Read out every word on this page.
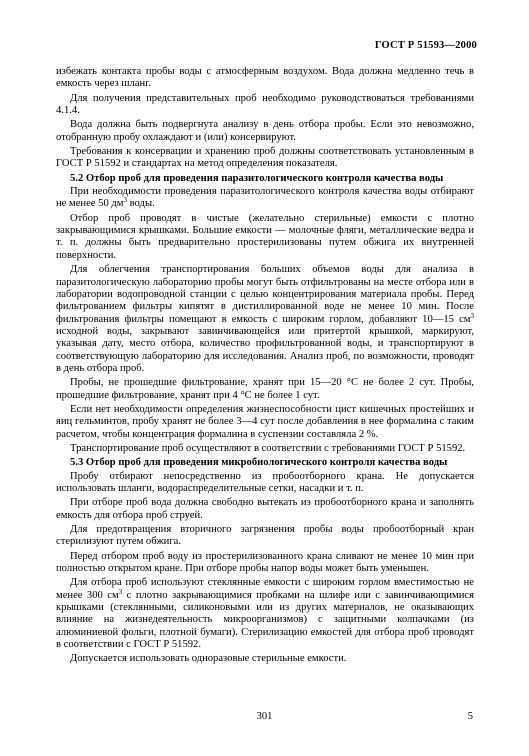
ГОСТ Р 51593—2000

избежать контакта пробы воды с атмосферным воздухом. Вода должна медленно течь в емкость через шланг.

Для получения представительных проб необходимо руководствоваться требованиями 4.1.4.

Вода должна быть подвергнута анализу в день отбора пробы. Если это невозможно, отобранную пробу охлаждают и (или) консервируют.

Требования к консервации и хранению проб должны соответствовать установленным в ГОСТ Р 51592 и стандартах на метод определения показателя.

5.2 Отбор проб для проведения паразитологического контроля качества воды

При необходимости проведения паразитологического контроля качества воды отбирают не менее 50 $дм^3$ воды.

Отбор проб проводят в чистые (желательно стерильные) емкости с плотно закрывающимися крышками. Большие емкости — молочные фляги, металлические ведра и т. п. должны быть предварительно простерилизованы путем обжига их внутренней поверхности.

Для облегчения транспортирования больших объемов воды для анализа в паразитологическую лабораторию пробы могут быть отфильтрованы на месте отбора или в лаборатории водопроводной станции с целью концентрирования материала пробы. Перед фильтрованием фильтры кипятят в дистиллированной воде не менее 10 мин. После фильтрования фильтры помещают в емкость с широким горлом, добавляют 10—15 $см^3$ исходной воды, закрывают завинчивающейся или притертой крышкой, маркируют, указывая дату, место отбора, количество профильтрованной воды, и транспортируют в соответствующую лабораторию для исследования. Анализ проб, по возможности, проводят в день отбора проб.

Пробы, не прошедшие фильтрование, хранят при 15—20 °С не более 2 сут. Пробы, прошедшие фильтрование, хранят при 4 °С не более 1 сут.

Если нет необходимости определения жизнеспособности цист кишечных простейших и яиц гельминтов, пробу хранят не более 3—4 сут после добавления в нее формалина с таким расчетом, чтобы концентрация формалина в суспензии составляла 2 %.

Транспортирование проб осуществляют в соответствии с требованиями ГОСТ Р 51592.

5.3 Отбор проб для проведения микробиологического контроля качества воды

Пробу отбирают непосредственно из пробоотборного крана. Не допускается использовать шланги, водораспределительные сетки, насадки и т. п.

При отборе проб вода должна свободно вытекать из пробоотборного крана и заполнять емкость для отбора проб струей.

Для предотвращения вторичного загрязнения пробы воды пробоотборный кран стерилизуют путем обжига.

Перед отбором проб воду из простерилизованного крана сливают не менее 10 мин при полностью открытом кране. При отборе пробы напор воды может быть уменьшен.

Для отбора проб используют стеклянные емкости с широким горлом вместимостью не менее 300 $см^3$ с плотно закрывающимися пробками на шлифе или с завинчивающимися крышками (стеклянными, силиконовыми или из других материалов, не оказывающих влияние на жизнедеятельность микроорганизмов) с защитными колпачками (из алюминиевой фольги, плотной бумаги). Стерилизацию емкостей для отбора проб проводят в соответствии с ГОСТ Р 51592.

Допускается использовать одноразовые стерильные емкости.

301	5
